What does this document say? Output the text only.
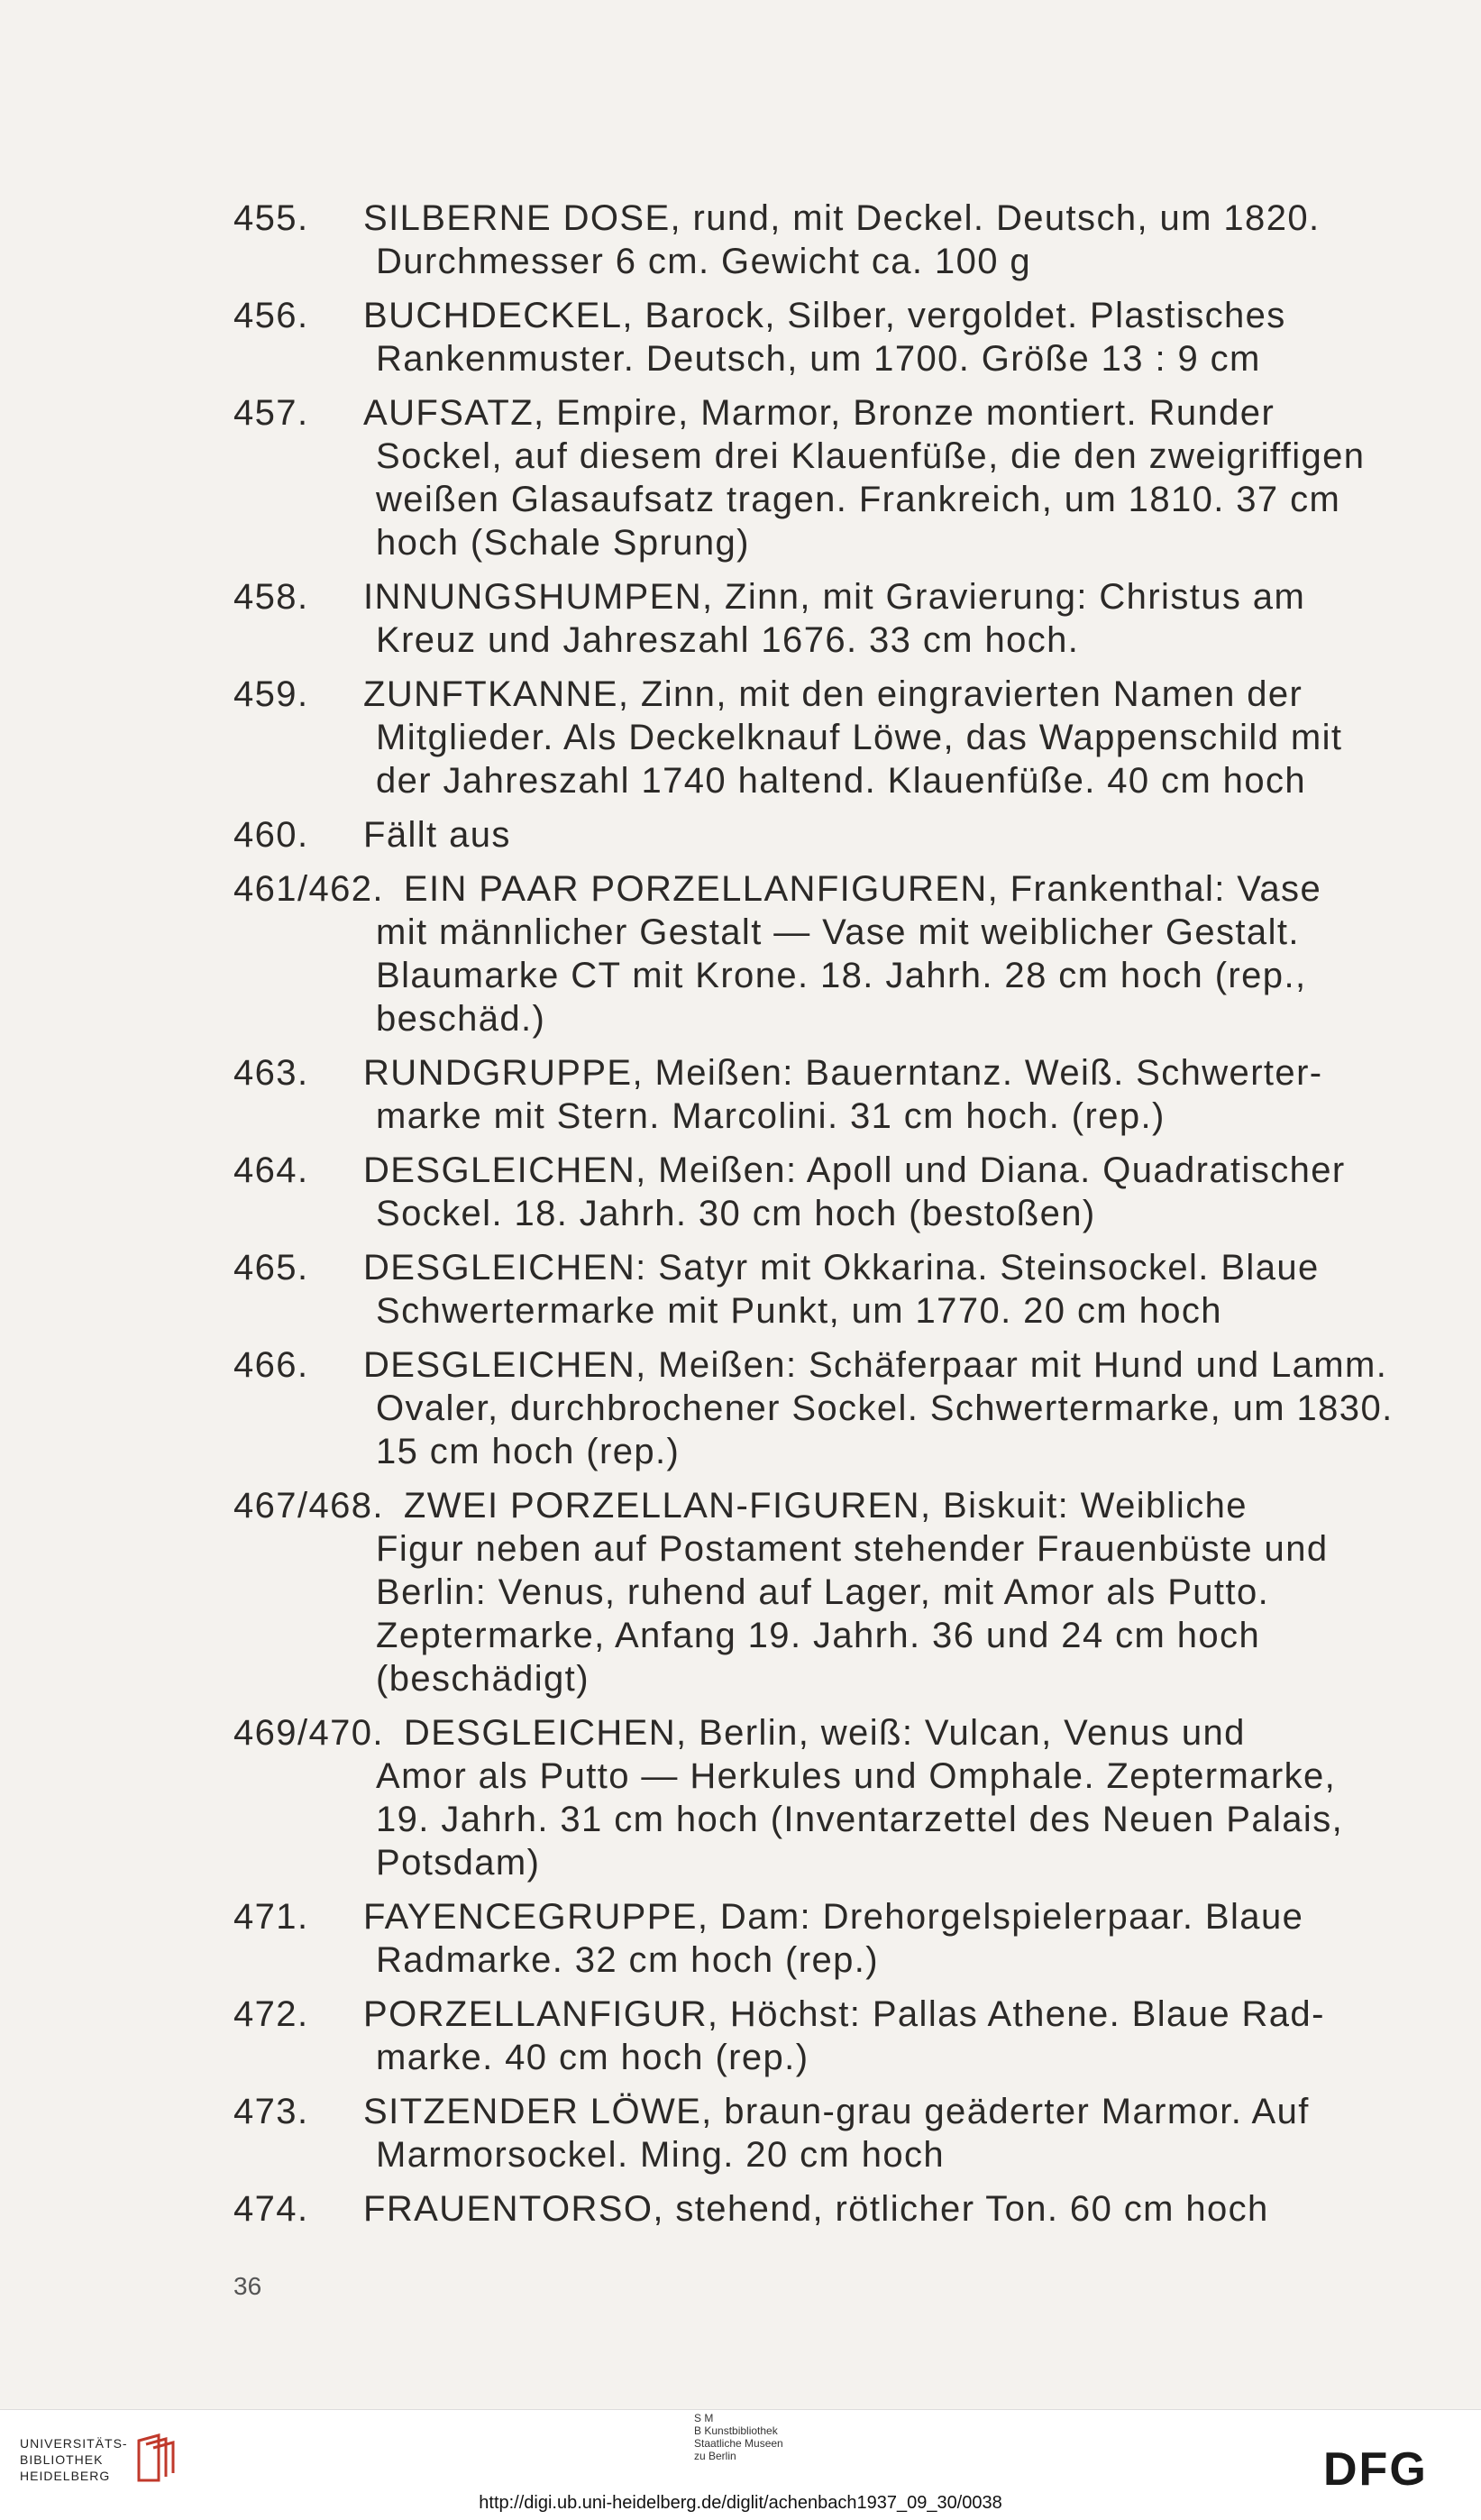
455. SILBERNE DOSE, rund, mit Deckel. Deutsch, um 1820.
Durchmesser 6 cm. Gewicht ca. 100 g
456. BUCHDECKEL, Barock, Silber, vergoldet. Plastisches
Rankenmuster. Deutsch, um 1700. Größe 13 : 9 cm
457. AUFSATZ, Empire, Marmor, Bronze montiert. Runder
Sockel, auf diesem drei Klauenfüße, die den zweigriffigen
weißen Glasaufsatz tragen. Frankreich, um 1810. 37 cm
hoch (Schale Sprung)
458. INNUNGSHUMPEN, Zinn, mit Gravierung: Christus am
Kreuz und Jahreszahl 1676. 33 cm hoch.
459. ZUNFTKANNE, Zinn, mit den eingravierten Namen der
Mitglieder. Als Deckelknauf Löwe, das Wappenschild mit
der Jahreszahl 1740 haltend. Klauenfüße. 40 cm hoch
460. Fällt aus
461/462. EIN PAAR PORZELLANFIGUREN, Frankenthal: Vase
mit männlicher Gestalt — Vase mit weiblicher Gestalt.
Blaumarke CT mit Krone. 18. Jahrh. 28 cm hoch (rep.,
beschäd.)
463. RUNDGRUPPE, Meißen: Bauerntanz. Weiß. Schwerter-
marke mit Stern. Marcolini. 31 cm hoch. (rep.)
464. DESGLEICHEN, Meißen: Apoll und Diana. Quadratischer
Sockel. 18. Jahrh. 30 cm hoch (bestoßen)
465. DESGLEICHEN: Satyr mit Okkarina. Steinsockel. Blaue
Schwertermarke mit Punkt, um 1770. 20 cm hoch
466. DESGLEICHEN, Meißen: Schäferpaar mit Hund und Lamm.
Ovaler, durchbrochener Sockel. Schwertermarke, um 1830.
15 cm hoch (rep.)
467/468. ZWEI PORZELLAN-FIGUREN, Biskuit: Weibliche
Figur neben auf Postament stehender Frauenbüste und
Berlin: Venus, ruhend auf Lager, mit Amor als Putto.
Zeptermarke, Anfang 19. Jahrh. 36 und 24 cm hoch
(beschädigt)
469/470. DESGLEICHEN, Berlin, weiß: Vulcan, Venus und
Amor als Putto — Herkules und Omphale. Zeptermarke,
19. Jahrh. 31 cm hoch (Inventarzettel des Neuen Palais,
Potsdam)
471. FAYENCEGRUPPE, Dam: Drehorgelspielerpaar. Blaue
Radmarke. 32 cm hoch (rep.)
472. PORZELLANFIGUR, Höchst: Pallas Athene. Blaue Rad-
marke. 40 cm hoch (rep.)
473. SITZENDER LÖWE, braun-grau geäderter Marmor. Auf
Marmorsockel. Ming. 20 cm hoch
474. FRAUENTORSO, stehend, rötlicher Ton. 60 cm hoch
36
UNIVERSITÄTS-
BIBLIOTHEK
HEIDELBERG
S M
B Kunstbibliothek
Staatliche Museen
zu Berlin	DFG
http://digi.ub.uni-heidelberg.de/diglit/achenbach1937_09_30/0038
